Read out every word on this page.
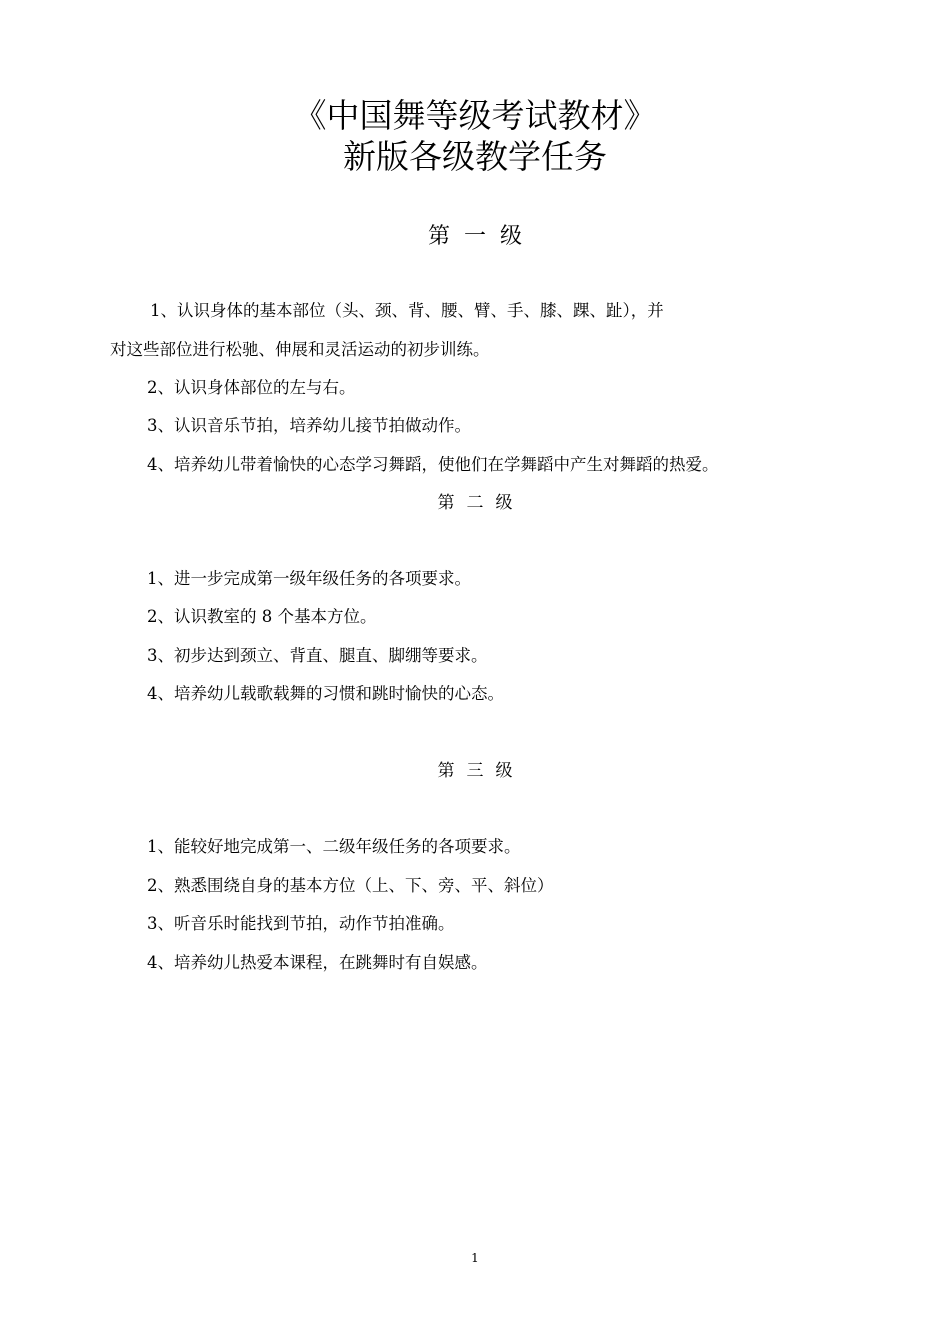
《中国舞等级考试教材》
新版各级教学任务
第一级
1、认识身体的基本部位（头、颈、背、腰、臂、手、膝、踝、趾），并
对这些部位进行松驰、伸展和灵活运动的初步训练。
2、认识身体部位的左与右。
3、认识音乐节拍，培养幼儿接节拍做动作。
4、培养幼儿带着愉快的心态学习舞蹈，使他们在学舞蹈中产生对舞蹈的热爱。
第二级
1、进一步完成第一级年级任务的各项要求。
2、认识教室的 8 个基本方位。
3、初步达到颈立、背直、腿直、脚绷等要求。
4、培养幼儿载歌载舞的习惯和跳时愉快的心态。
第三级
1、能较好地完成第一、二级年级任务的各项要求。
2、熟悉围绕自身的基本方位（上、下、旁、平、斜位）
3、听音乐时能找到节拍，动作节拍准确。
4、培养幼儿热爱本课程，在跳舞时有自娱感。
1
